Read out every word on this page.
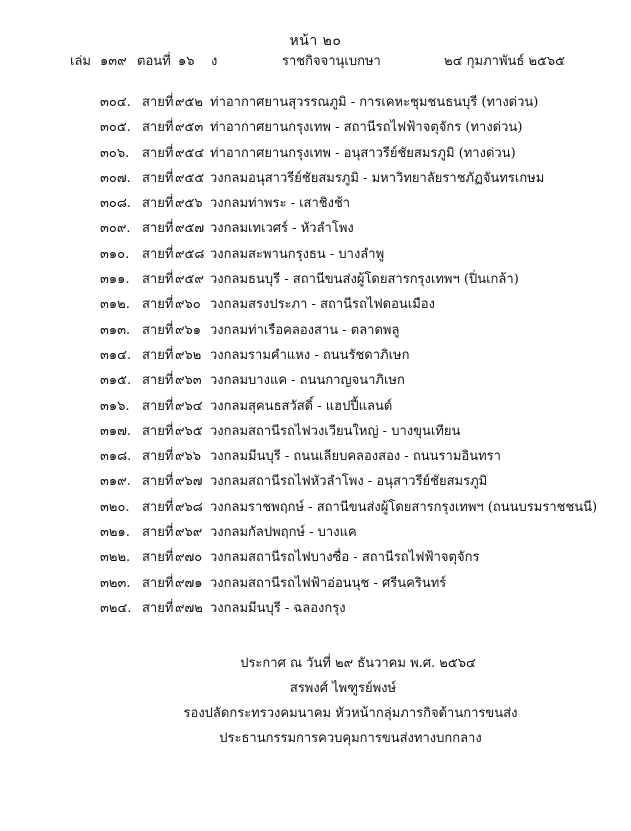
หน้า ๒๐
เล่ม ๑๓๙ ตอนที่ ๑๖ ง	ราชกิจจานุเบกษา	๒๔ กุมภาพันธ์ ๒๕๖๕
๓๐๔. สายที่ ๙๕๒ ท่าอากาศยานสุวรรณภูมิ - การเคหะชุมชนธนบุรี (ทางด่วน)
๓๐๕. สายที่ ๙๕๓ ท่าอากาศยานกรุงเทพ - สถานีรถไฟฟ้าจตุจักร (ทางด่วน)
๓๐๖. สายที่ ๙๕๔ ท่าอากาศยานกรุงเทพ - อนุสาวรีย์ชัยสมรภูมิ (ทางด่วน)
๓๐๗. สายที่ ๙๕๕ วงกลมอนุสาวรีย์ชัยสมรภูมิ - มหาวิทยาลัยราชภัฏจันทรเกษม
๓๐๘. สายที่ ๙๕๖ วงกลมท่าพระ - เสาชิงช้า
๓๐๙. สายที่ ๙๕๗ วงกลมเทเวศร์ - หัวลำโพง
๓๑๐. สายที่ ๙๕๘ วงกลมสะพานกรุงธน - บางลำพู
๓๑๑. สายที่ ๙๕๙ วงกลมธนบุรี - สถานีขนส่งผู้โดยสารกรุงเทพฯ (ปิ่นเกล้า)
๓๑๒. สายที่ ๙๖๐ วงกลมสรงประภา - สถานีรถไฟดอนเมือง
๓๑๓. สายที่ ๙๖๑ วงกลมท่าเรือคลองสาน - ตลาดพลู
๓๑๔. สายที่ ๙๖๒ วงกลมรามคำแหง - ถนนรัชดาภิเษก
๓๑๕. สายที่ ๙๖๓ วงกลมบางแค - ถนนกาญจนาภิเษก
๓๑๖. สายที่ ๙๖๔ วงกลมสุคนธสวัสดิ์ - แฮปปี้แลนด์
๓๑๗. สายที่ ๙๖๕ วงกลมสถานีรถไฟวงเวียนใหญ่ - บางขุนเทียน
๓๑๘. สายที่ ๙๖๖ วงกลมมีนบุรี - ถนนเลียบคลองสอง - ถนนรามอินทรา
๓๑๙. สายที่ ๙๖๗ วงกลมสถานีรถไฟหัวลำโพง - อนุสาวรีย์ชัยสมรภูมิ
๓๒๐. สายที่ ๙๖๘ วงกลมราชพฤกษ์ - สถานีขนส่งผู้โดยสารกรุงเทพฯ (ถนนบรมราชชนนี)
๓๒๑. สายที่ ๙๖๙ วงกลมกัลปพฤกษ์ - บางแค
๓๒๒. สายที่ ๙๗๐ วงกลมสถานีรถไฟบางซื่อ - สถานีรถไฟฟ้าจตุจักร
๓๒๓. สายที่ ๙๗๑ วงกลมสถานีรถไฟฟ้าอ่อนนุช - ศรีนครินทร์
๓๒๔. สายที่ ๙๗๒ วงกลมมีนบุรี - ฉลองกรุง
ประกาศ ณ วันที่ ๒๙ ธันวาคม พ.ศ. ๒๕๖๔
สรพงศ์ ไพฑูรย์พงษ์
รองปลัดกระทรวงคมนาคม หัวหน้ากลุ่มภารกิจด้านการขนส่ง
ประธานกรรมการควบคุมการขนส่งทางบกกลาง
